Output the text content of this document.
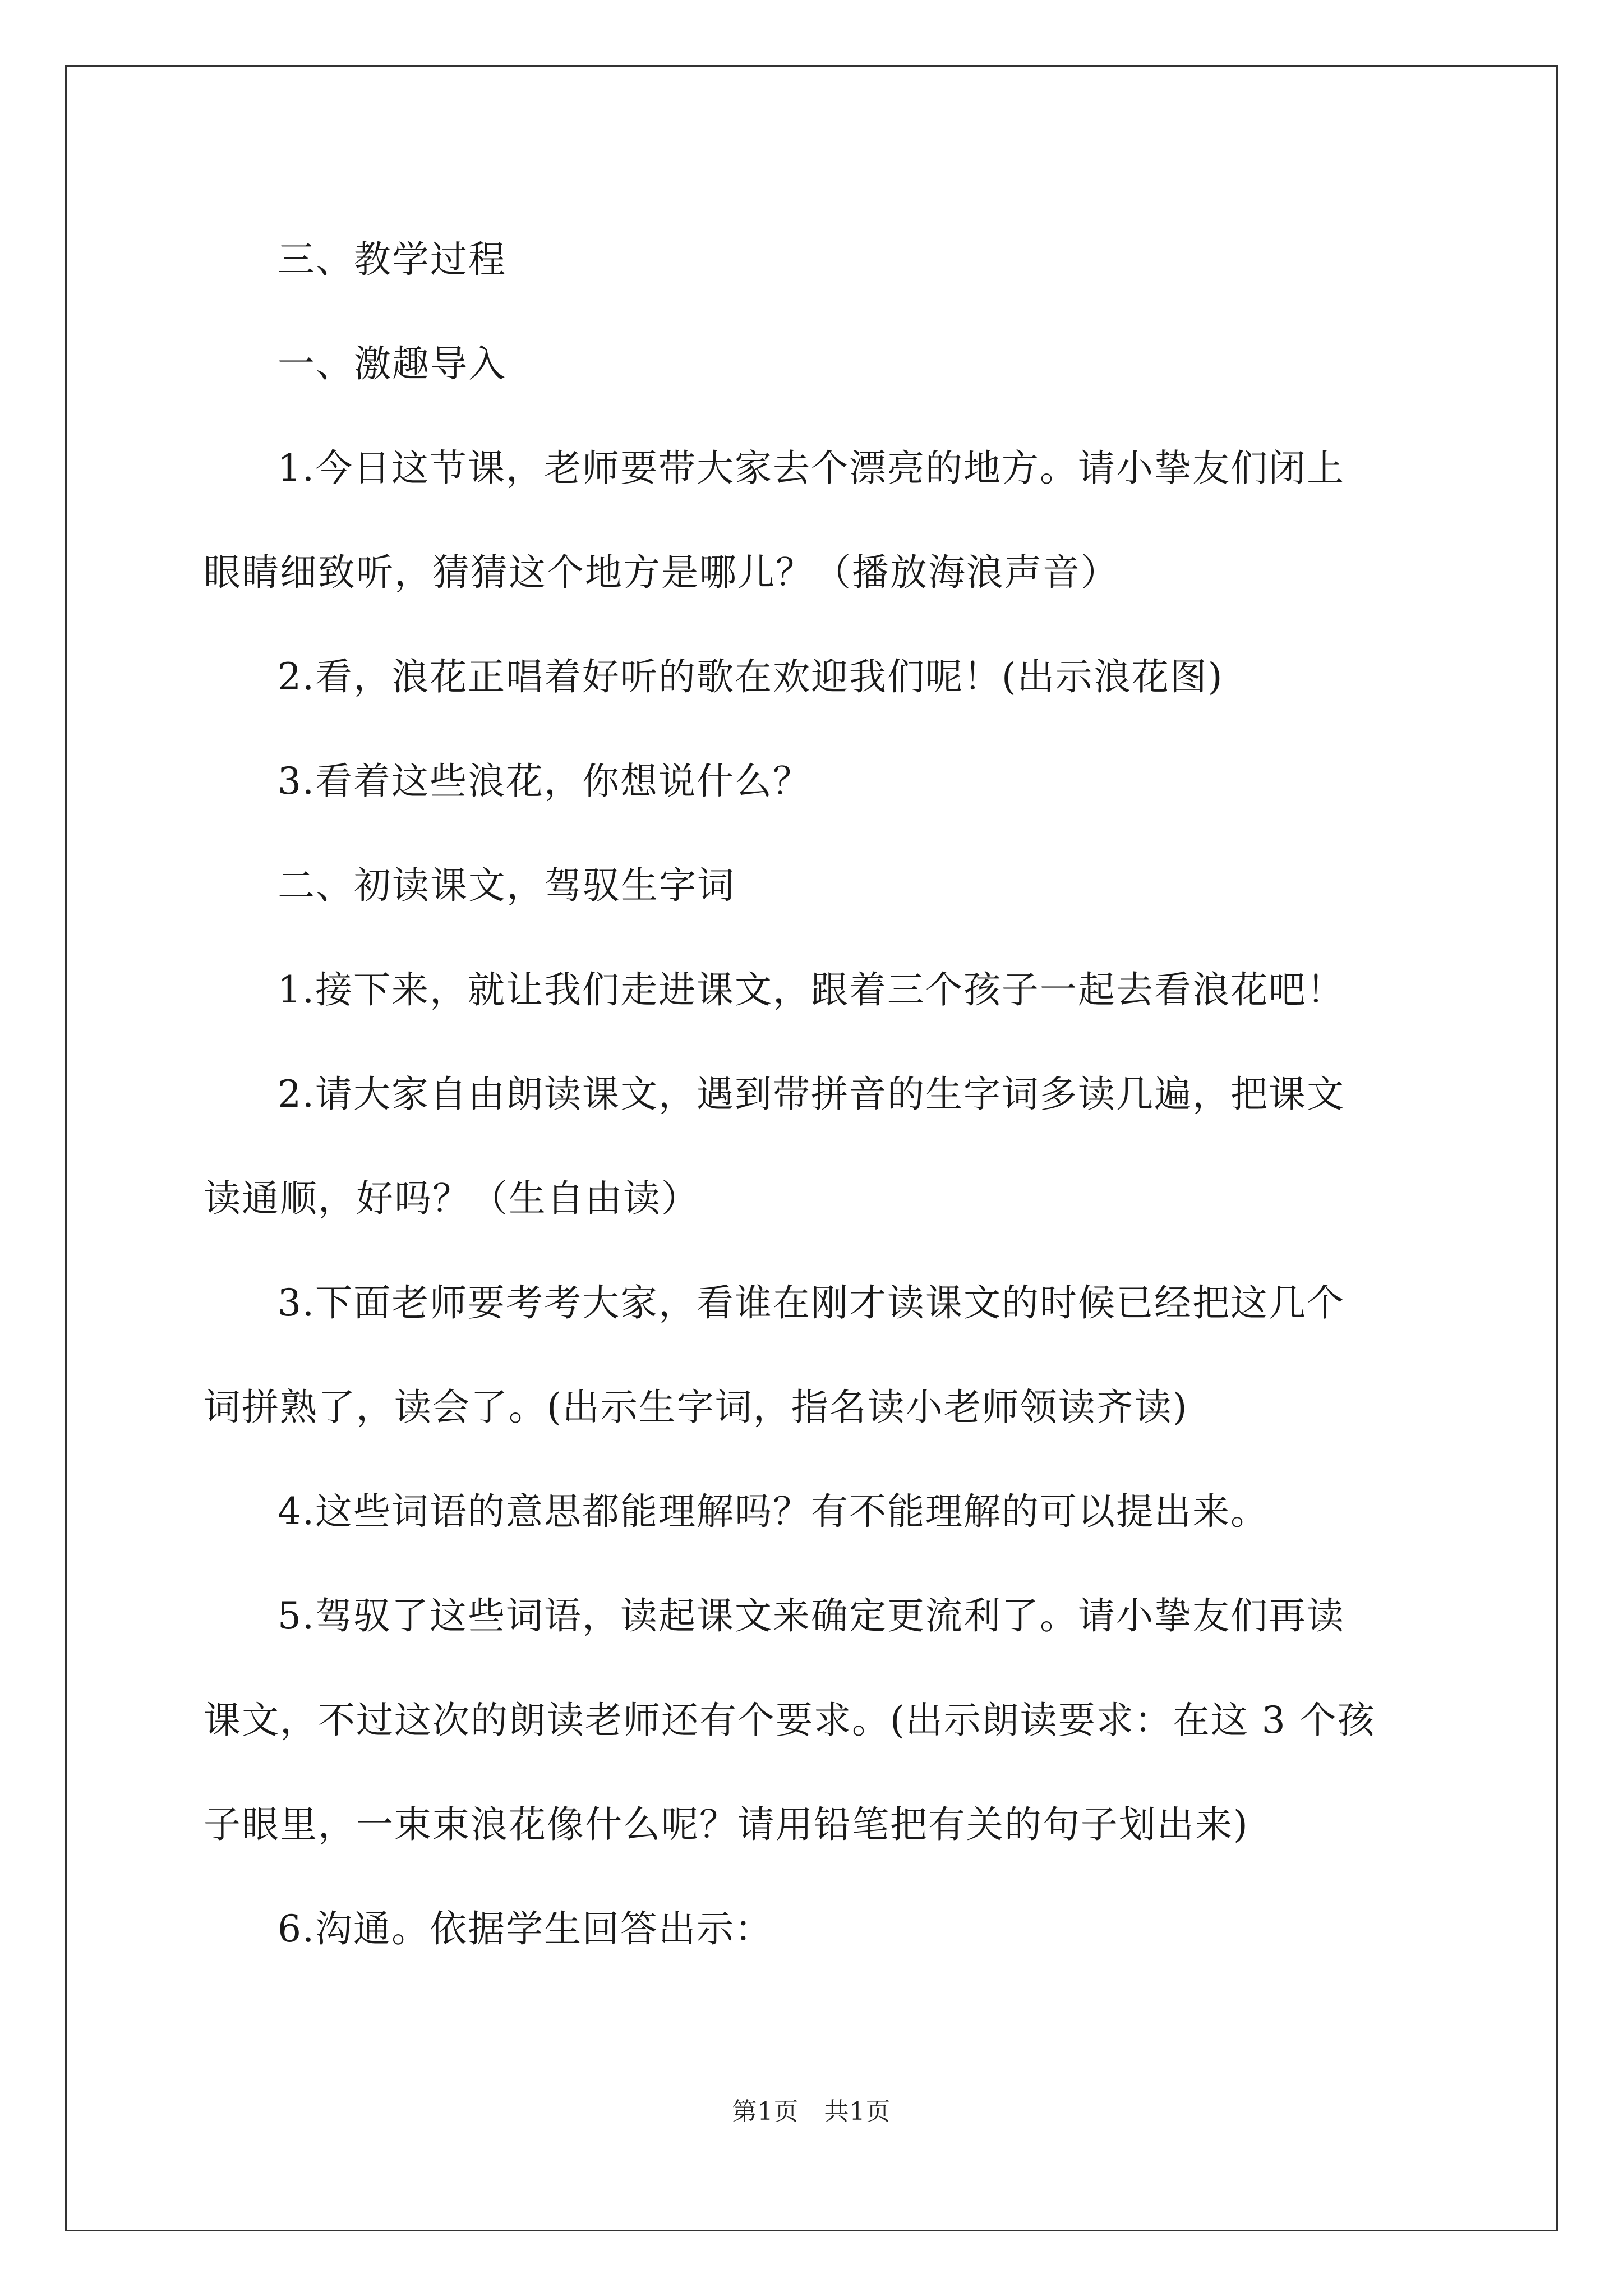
三、教学过程

一、激趣导入

1.今日这节课，老师要带大家去个漂亮的地方。请小挚友们闭上

眼睛细致听，猜猜这个地方是哪儿？（播放海浪声音）

2.看，浪花正唱着好听的歌在欢迎我们呢！(出示浪花图)

3.看着这些浪花，你想说什么？

二、初读课文，驾驭生字词

1.接下来，就让我们走进课文，跟着三个孩子一起去看浪花吧！

2.请大家自由朗读课文，遇到带拼音的生字词多读几遍，把课文

读通顺，好吗？（生自由读）

3.下面老师要考考大家，看谁在刚才读课文的时候已经把这几个

词拼熟了，读会了。(出示生字词，指名读小老师领读齐读)

4.这些词语的意思都能理解吗？有不能理解的可以提出来。

5.驾驭了这些词语，读起课文来确定更流利了。请小挚友们再读

课文，不过这次的朗读老师还有个要求。(出示朗读要求：在这 3 个孩

子眼里，一束束浪花像什么呢？请用铅笔把有关的句子划出来)

6.沟通。依据学生回答出示：

第1页　共1页
